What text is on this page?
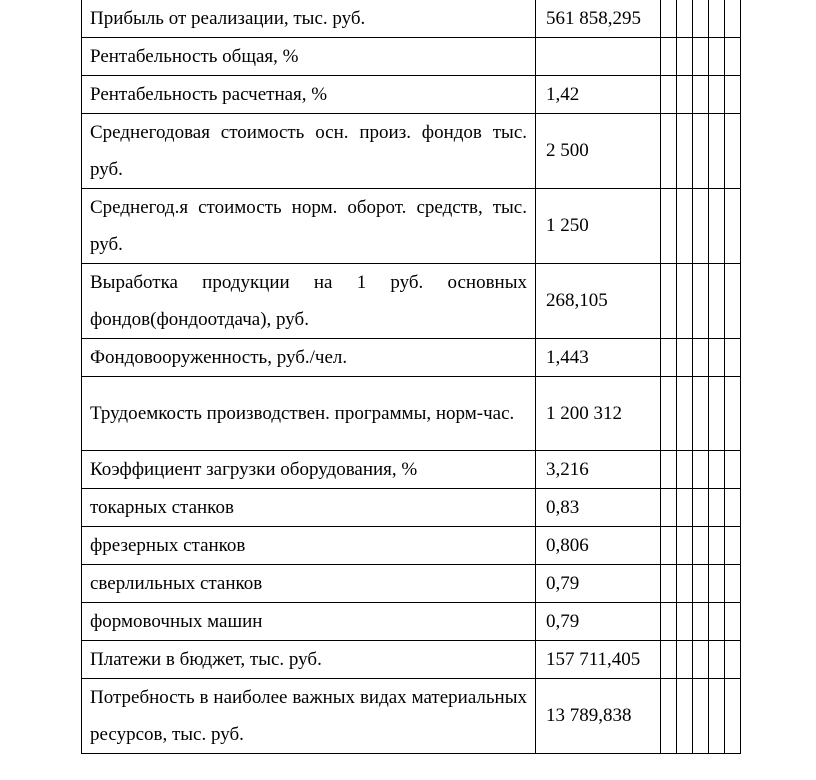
Прибыль от реализации, тыс. руб.	561 858,295					
Рентабельность общая, %						
Рентабельность расчетная, %	1,42					
Среднегодовая стоимость осн. произ. фондов тыс. руб.	2 500					
Среднегод.я стоимость норм. оборот. средств, тыс. руб.	1 250					
Выработка продукции на 1 руб. основных фондов(фондоотдача), руб.	268,105					
Фондовооруженность, руб./чел.	1,443					
Трудоемкость производствен. программы, норм-час.	1 200 312					
Коэффициент загрузки оборудования, %	3,216					
токарных станков	0,83					
фрезерных станков	0,806					
сверлильных станков	0,79					
формовочных машин	0,79					
Платежи в бюджет, тыс. руб.	157 711,405					
Потребность в наиболее важных видах материальных ресурсов, тыс. руб.	13 789,838					
